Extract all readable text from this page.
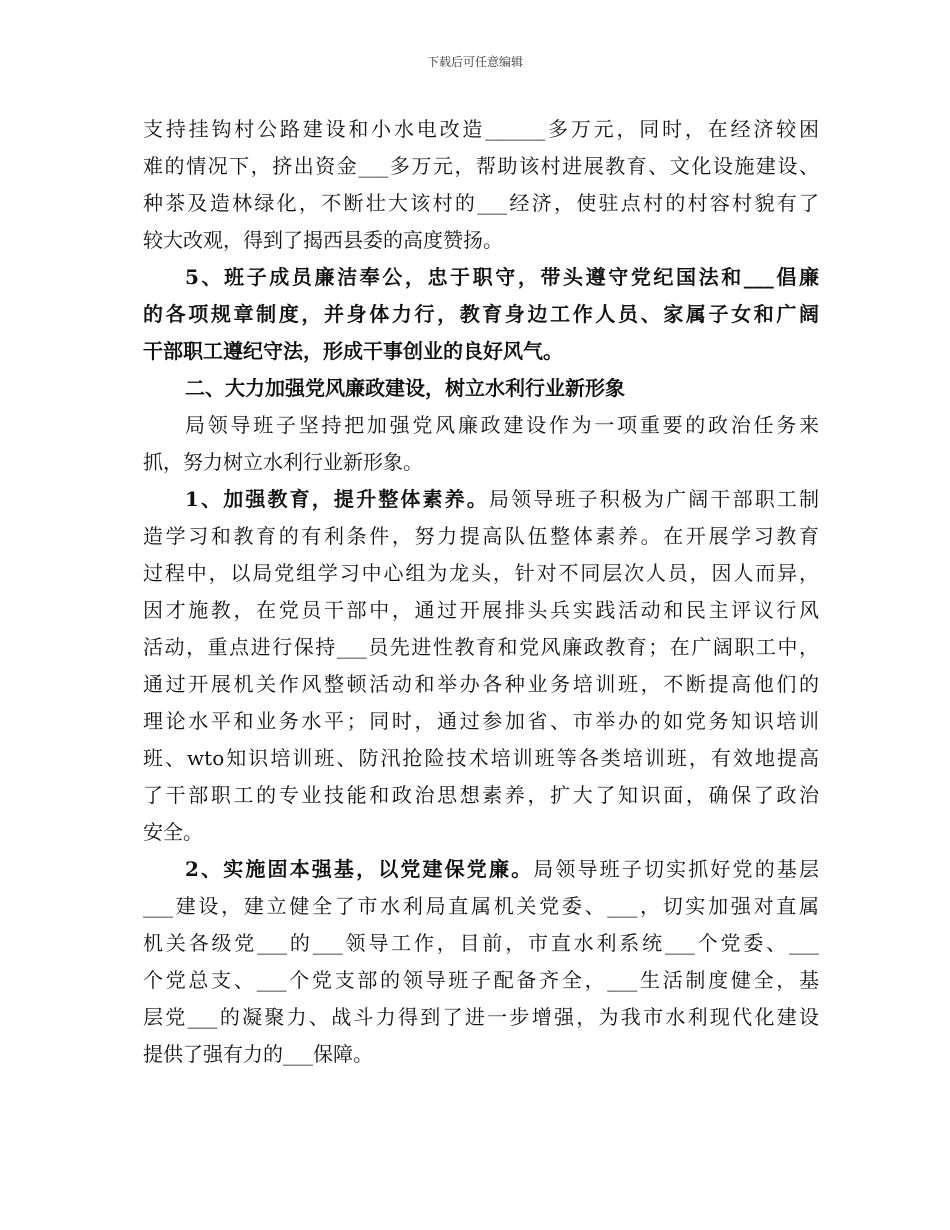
下载后可任意编辑
支持挂钩村公路建设和小水电改造______多万元，同时，在经济较困
难的情况下，挤出资金___多万元，帮助该村进展教育、文化设施建设、
种茶及造林绿化，不断壮大该村的___经济，使驻点村的村容村貌有了
较大改观，得到了揭西县委的高度赞扬。
5、班子成员廉洁奉公，忠于职守，带头遵守党纪国法和___倡廉
的各项规章制度，并身体力行，教育身边工作人员、家属子女和广阔
干部职工遵纪守法，形成干事创业的良好风气。
二、大力加强党风廉政建设，树立水利行业新形象
局领导班子坚持把加强党风廉政建设作为一项重要的政治任务来
抓，努力树立水利行业新形象。
1、加强教育，提升整体素养。局领导班子积极为广阔干部职工制
造学习和教育的有利条件，努力提高队伍整体素养。在开展学习教育
过程中，以局党组学习中心组为龙头，针对不同层次人员，因人而异，
因才施教，在党员干部中，通过开展排头兵实践活动和民主评议行风
活动，重点进行保持___员先进性教育和党风廉政教育；在广阔职工中，
通过开展机关作风整顿活动和举办各种业务培训班，不断提高他们的
理论水平和业务水平；同时，通过参加省、市举办的如党务知识培训
班、wto知识培训班、防汛抢险技术培训班等各类培训班，有效地提高
了干部职工的专业技能和政治思想素养，扩大了知识面，确保了政治
安全。
2、实施固本强基，以党建保党廉。局领导班子切实抓好党的基层
___建设，建立健全了市水利局直属机关党委、___，切实加强对直属
机关各级党___的___领导工作，目前，市直水利系统___个党委、___
个党总支、___个党支部的领导班子配备齐全，___生活制度健全，基
层党___的凝聚力、战斗力得到了进一步增强，为我市水利现代化建设
提供了强有力的___保障。
